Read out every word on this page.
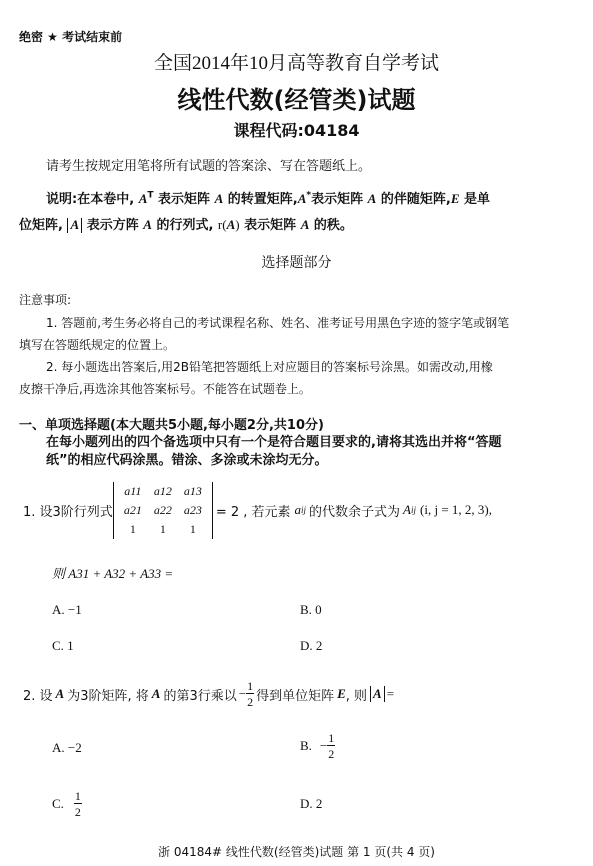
绝密 ★ 考试结束前
全国2014年10月高等教育自学考试
线性代数(经管类)试题
课程代码:04184
请考生按规定用笔将所有试题的答案涂、写在答题纸上。
说明:在本卷中, $A^T$ 表示矩阵 A 的转置矩阵,A*表示矩阵 A 的伴随矩阵,E 是单
位矩阵, A 表示方阵 A 的行列式, r(A) 表示矩阵 A 的秩。
选择题部分
注意事项:
1. 答题前,考生务必将自己的考试课程名称、姓名、准考证号用黑色字迹的签字笔或钢笔
填写在答题纸规定的位置上。
2. 每小题选出答案后,用2B铅笔把答题纸上对应题目的答案标号涂黑。如需改动,用橡
皮擦干净后,再选涂其他答案标号。不能答在试题卷上。
一、单项选择题(本大题共5小题,每小题2分,共10分)
在每小题列出的四个备选项中只有一个是符合题目要求的,请将其选出并将“答题
纸”的相应代码涂黑。错涂、多涂或未涂均无分。
1. 设3阶行列式
a11	a12	a13
a21	a22	a23
1	1	1
= 2 , 若元素 a ij 的代数余子式为 A ij (i, j = 1, 2, 3),
则 A31 + A32 + A33 =
A. −1	B. 0
C. 1	D. 2
2. 设 A 为3阶矩阵, 将 A 的第3行乘以 − $\frac{1}{2}$ 得到单位矩阵 E , 则 A =
A. −2	B. − $\frac{1}{2}$
C. $\frac{1}{2}$	D. 2
浙 04184# 线性代数(经管类)试题 第 1 页(共 4 页)
